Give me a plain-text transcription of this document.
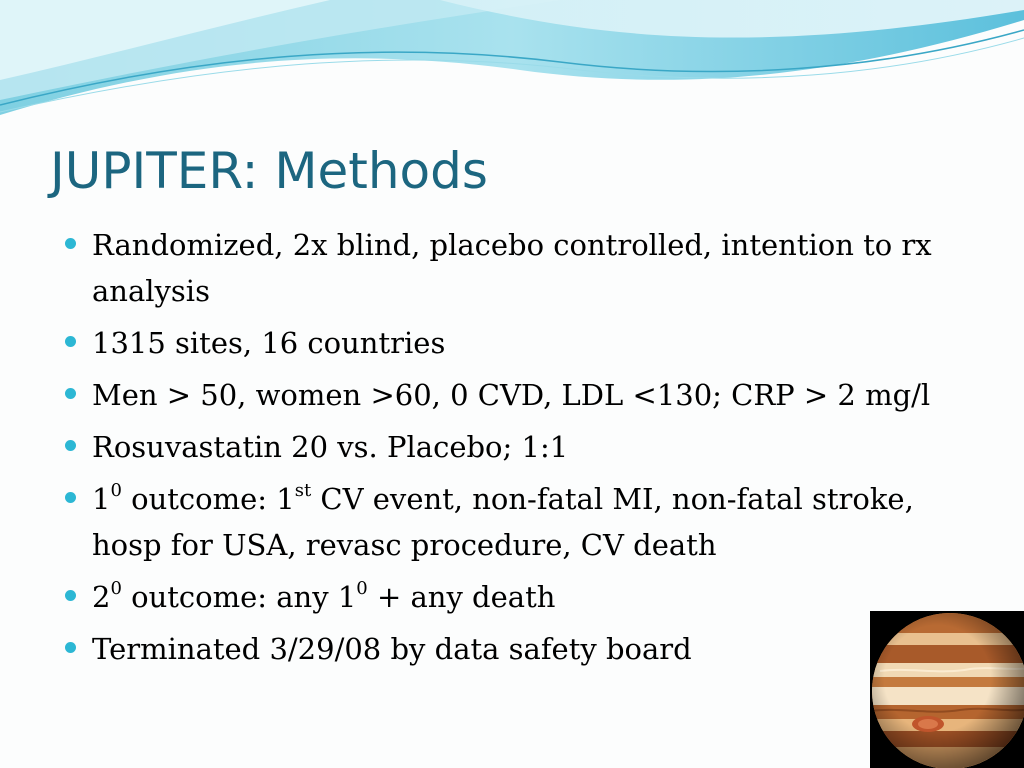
JUPITER: Methods
Randomized, 2x blind, placebo controlled, intention to rx analysis
1315 sites, 16 countries
Men > 50, women >60, 0 CVD, LDL <130; CRP > 2 mg/l
Rosuvastatin 20 vs. Placebo; 1:1
$1^0$ outcome: 1st CV event, non-fatal MI, non-fatal stroke, hosp for USA, revasc procedure, CV death
$2^0$ outcome: any $1^0$ + any death
Terminated 3/29/08 by data safety board
